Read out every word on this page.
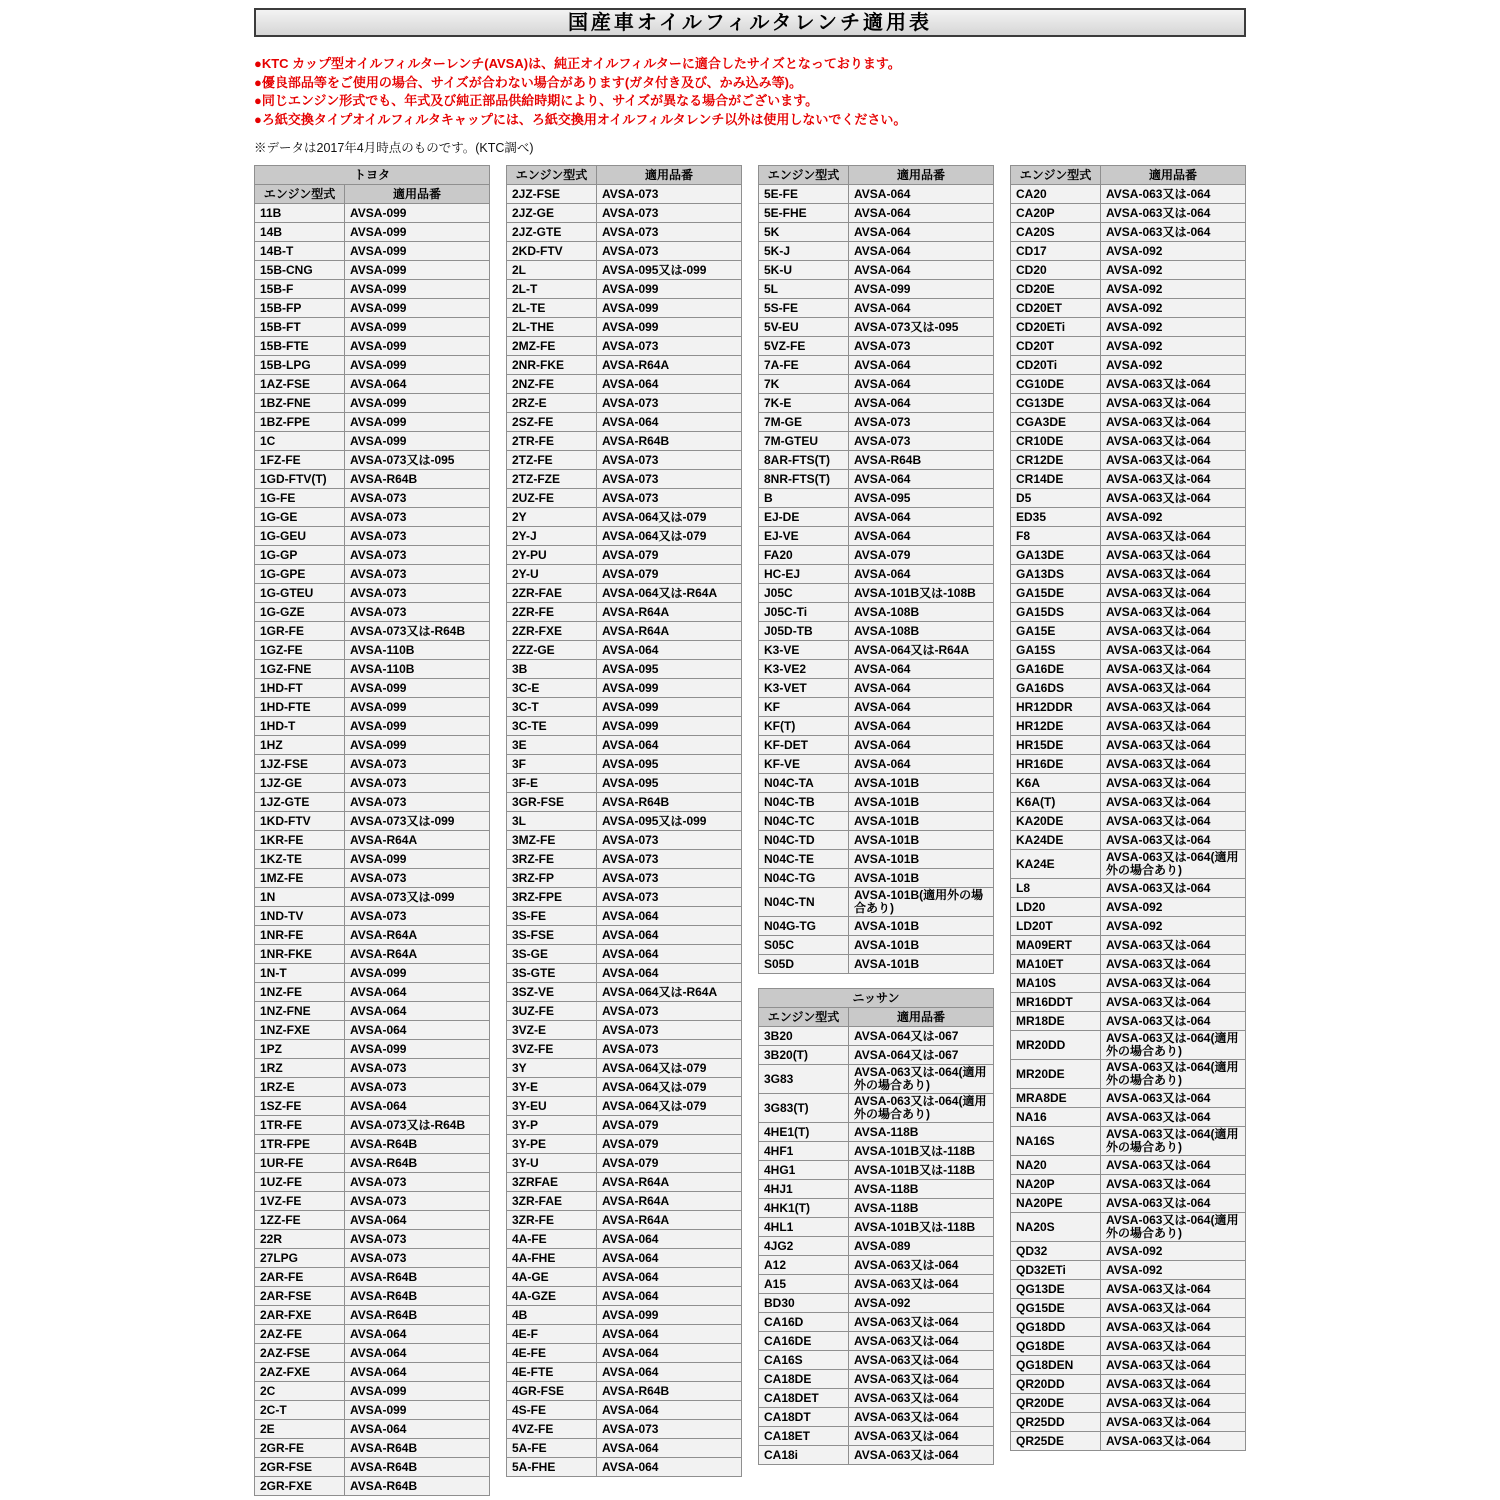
国産車オイルフィルタレンチ適用表
●KTC カップ型オイルフィルターレンチ(AVSA)は、純正オイルフィルターに適合したサイズとなっております。
●優良部品等をご使用の場合、サイズが合わない場合があります(ガタ付き及び、かみ込み等)。
●同じエンジン形式でも、年式及び純正部品供給時期により、サイズが異なる場合がございます。
●ろ紙交換タイプオイルフィルタキャップには、ろ紙交換用オイルフィルタレンチ以外は使用しないでください。
※データは2017年4月時点のものです。(KTC調べ)
トヨタ	
エンジン型式	適用品番
11B	AVSA-099
14B	AVSA-099
14B-T	AVSA-099
15B-CNG	AVSA-099
15B-F	AVSA-099
15B-FP	AVSA-099
15B-FT	AVSA-099
15B-FTE	AVSA-099
15B-LPG	AVSA-099
1AZ-FSE	AVSA-064
1BZ-FNE	AVSA-099
1BZ-FPE	AVSA-099
1C	AVSA-099
1FZ-FE	AVSA-073又は-095
1GD-FTV(T)	AVSA-R64B
1G-FE	AVSA-073
1G-GE	AVSA-073
1G-GEU	AVSA-073
1G-GP	AVSA-073
1G-GPE	AVSA-073
1G-GTEU	AVSA-073
1G-GZE	AVSA-073
1GR-FE	AVSA-073又は-R64B
1GZ-FE	AVSA-110B
1GZ-FNE	AVSA-110B
1HD-FT	AVSA-099
1HD-FTE	AVSA-099
1HD-T	AVSA-099
1HZ	AVSA-099
1JZ-FSE	AVSA-073
1JZ-GE	AVSA-073
1JZ-GTE	AVSA-073
1KD-FTV	AVSA-073又は-099
1KR-FE	AVSA-R64A
1KZ-TE	AVSA-099
1MZ-FE	AVSA-073
1N	AVSA-073又は-099
1ND-TV	AVSA-073
1NR-FE	AVSA-R64A
1NR-FKE	AVSA-R64A
1N-T	AVSA-099
1NZ-FE	AVSA-064
1NZ-FNE	AVSA-064
1NZ-FXE	AVSA-064
1PZ	AVSA-099
1RZ	AVSA-073
1RZ-E	AVSA-073
1SZ-FE	AVSA-064
1TR-FE	AVSA-073又は-R64B
1TR-FPE	AVSA-R64B
1UR-FE	AVSA-R64B
1UZ-FE	AVSA-073
1VZ-FE	AVSA-073
1ZZ-FE	AVSA-064
22R	AVSA-073
27LPG	AVSA-073
2AR-FE	AVSA-R64B
2AR-FSE	AVSA-R64B
2AR-FXE	AVSA-R64B
2AZ-FE	AVSA-064
2AZ-FSE	AVSA-064
2AZ-FXE	AVSA-064
2C	AVSA-099
2C-T	AVSA-099
2E	AVSA-064
2GR-FE	AVSA-R64B
2GR-FSE	AVSA-R64B
2GR-FXE	AVSA-R64B
エンジン型式	適用品番
2JZ-FSE	AVSA-073
2JZ-GE	AVSA-073
2JZ-GTE	AVSA-073
2KD-FTV	AVSA-073
2L	AVSA-095又は-099
2L-T	AVSA-099
2L-TE	AVSA-099
2L-THE	AVSA-099
2MZ-FE	AVSA-073
2NR-FKE	AVSA-R64A
2NZ-FE	AVSA-064
2RZ-E	AVSA-073
2SZ-FE	AVSA-064
2TR-FE	AVSA-R64B
2TZ-FE	AVSA-073
2TZ-FZE	AVSA-073
2UZ-FE	AVSA-073
2Y	AVSA-064又は-079
2Y-J	AVSA-064又は-079
2Y-PU	AVSA-079
2Y-U	AVSA-079
2ZR-FAE	AVSA-064又は-R64A
2ZR-FE	AVSA-R64A
2ZR-FXE	AVSA-R64A
2ZZ-GE	AVSA-064
3B	AVSA-095
3C-E	AVSA-099
3C-T	AVSA-099
3C-TE	AVSA-099
3E	AVSA-064
3F	AVSA-095
3F-E	AVSA-095
3GR-FSE	AVSA-R64B
3L	AVSA-095又は-099
3MZ-FE	AVSA-073
3RZ-FE	AVSA-073
3RZ-FP	AVSA-073
3RZ-FPE	AVSA-073
3S-FE	AVSA-064
3S-FSE	AVSA-064
3S-GE	AVSA-064
3S-GTE	AVSA-064
3SZ-VE	AVSA-064又は-R64A
3UZ-FE	AVSA-073
3VZ-E	AVSA-073
3VZ-FE	AVSA-073
3Y	AVSA-064又は-079
3Y-E	AVSA-064又は-079
3Y-EU	AVSA-064又は-079
3Y-P	AVSA-079
3Y-PE	AVSA-079
3Y-U	AVSA-079
3ZRFAE	AVSA-R64A
3ZR-FAE	AVSA-R64A
3ZR-FE	AVSA-R64A
4A-FE	AVSA-064
4A-FHE	AVSA-064
4A-GE	AVSA-064
4A-GZE	AVSA-064
4B	AVSA-099
4E-F	AVSA-064
4E-FE	AVSA-064
4E-FTE	AVSA-064
4GR-FSE	AVSA-R64B
4S-FE	AVSA-064
4VZ-FE	AVSA-073
5A-FE	AVSA-064
5A-FHE	AVSA-064
エンジン型式	適用品番
5E-FE	AVSA-064
5E-FHE	AVSA-064
5K	AVSA-064
5K-J	AVSA-064
5K-U	AVSA-064
5L	AVSA-099
5S-FE	AVSA-064
5V-EU	AVSA-073又は-095
5VZ-FE	AVSA-073
7A-FE	AVSA-064
7K	AVSA-064
7K-E	AVSA-064
7M-GE	AVSA-073
7M-GTEU	AVSA-073
8AR-FTS(T)	AVSA-R64B
8NR-FTS(T)	AVSA-064
B	AVSA-095
EJ-DE	AVSA-064
EJ-VE	AVSA-064
FA20	AVSA-079
HC-EJ	AVSA-064
J05C	AVSA-101B又は-108B
J05C-Ti	AVSA-108B
J05D-TB	AVSA-108B
K3-VE	AVSA-064又は-R64A
K3-VE2	AVSA-064
K3-VET	AVSA-064
KF	AVSA-064
KF(T)	AVSA-064
KF-DET	AVSA-064
KF-VE	AVSA-064
N04C-TA	AVSA-101B
N04C-TB	AVSA-101B
N04C-TC	AVSA-101B
N04C-TD	AVSA-101B
N04C-TE	AVSA-101B
N04C-TG	AVSA-101B
N04C-TN	AVSA-101B(適用外の場合あり)
N04G-TG	AVSA-101B
S05C	AVSA-101B
S05D	AVSA-101B
ニッサン	
エンジン型式	適用品番
3B20	AVSA-064又は-067
3B20(T)	AVSA-064又は-067
3G83	AVSA-063又は-064(適用外の場合あり)
3G83(T)	AVSA-063又は-064(適用外の場合あり)
4HE1(T)	AVSA-118B
4HF1	AVSA-101B又は-118B
4HG1	AVSA-101B又は-118B
4HJ1	AVSA-118B
4HK1(T)	AVSA-118B
4HL1	AVSA-101B又は-118B
4JG2	AVSA-089
A12	AVSA-063又は-064
A15	AVSA-063又は-064
BD30	AVSA-092
CA16D	AVSA-063又は-064
CA16DE	AVSA-063又は-064
CA16S	AVSA-063又は-064
CA18DE	AVSA-063又は-064
CA18DET	AVSA-063又は-064
CA18DT	AVSA-063又は-064
CA18ET	AVSA-063又は-064
CA18i	AVSA-063又は-064
エンジン型式	適用品番
CA20	AVSA-063又は-064
CA20P	AVSA-063又は-064
CA20S	AVSA-063又は-064
CD17	AVSA-092
CD20	AVSA-092
CD20E	AVSA-092
CD20ET	AVSA-092
CD20ETi	AVSA-092
CD20T	AVSA-092
CD20Ti	AVSA-092
CG10DE	AVSA-063又は-064
CG13DE	AVSA-063又は-064
CGA3DE	AVSA-063又は-064
CR10DE	AVSA-063又は-064
CR12DE	AVSA-063又は-064
CR14DE	AVSA-063又は-064
D5	AVSA-063又は-064
ED35	AVSA-092
F8	AVSA-063又は-064
GA13DE	AVSA-063又は-064
GA13DS	AVSA-063又は-064
GA15DE	AVSA-063又は-064
GA15DS	AVSA-063又は-064
GA15E	AVSA-063又は-064
GA15S	AVSA-063又は-064
GA16DE	AVSA-063又は-064
GA16DS	AVSA-063又は-064
HR12DDR	AVSA-063又は-064
HR12DE	AVSA-063又は-064
HR15DE	AVSA-063又は-064
HR16DE	AVSA-063又は-064
K6A	AVSA-063又は-064
K6A(T)	AVSA-063又は-064
KA20DE	AVSA-063又は-064
KA24DE	AVSA-063又は-064
KA24E	AVSA-063又は-064(適用外の場合あり)
L8	AVSA-063又は-064
LD20	AVSA-092
LD20T	AVSA-092
MA09ERT	AVSA-063又は-064
MA10ET	AVSA-063又は-064
MA10S	AVSA-063又は-064
MR16DDT	AVSA-063又は-064
MR18DE	AVSA-063又は-064
MR20DD	AVSA-063又は-064(適用外の場合あり)
MR20DE	AVSA-063又は-064(適用外の場合あり)
MRA8DE	AVSA-063又は-064
NA16	AVSA-063又は-064
NA16S	AVSA-063又は-064(適用外の場合あり)
NA20	AVSA-063又は-064
NA20P	AVSA-063又は-064
NA20PE	AVSA-063又は-064
NA20S	AVSA-063又は-064(適用外の場合あり)
QD32	AVSA-092
QD32ETi	AVSA-092
QG13DE	AVSA-063又は-064
QG15DE	AVSA-063又は-064
QG18DD	AVSA-063又は-064
QG18DE	AVSA-063又は-064
QG18DEN	AVSA-063又は-064
QR20DD	AVSA-063又は-064
QR20DE	AVSA-063又は-064
QR25DD	AVSA-063又は-064
QR25DE	AVSA-063又は-064
